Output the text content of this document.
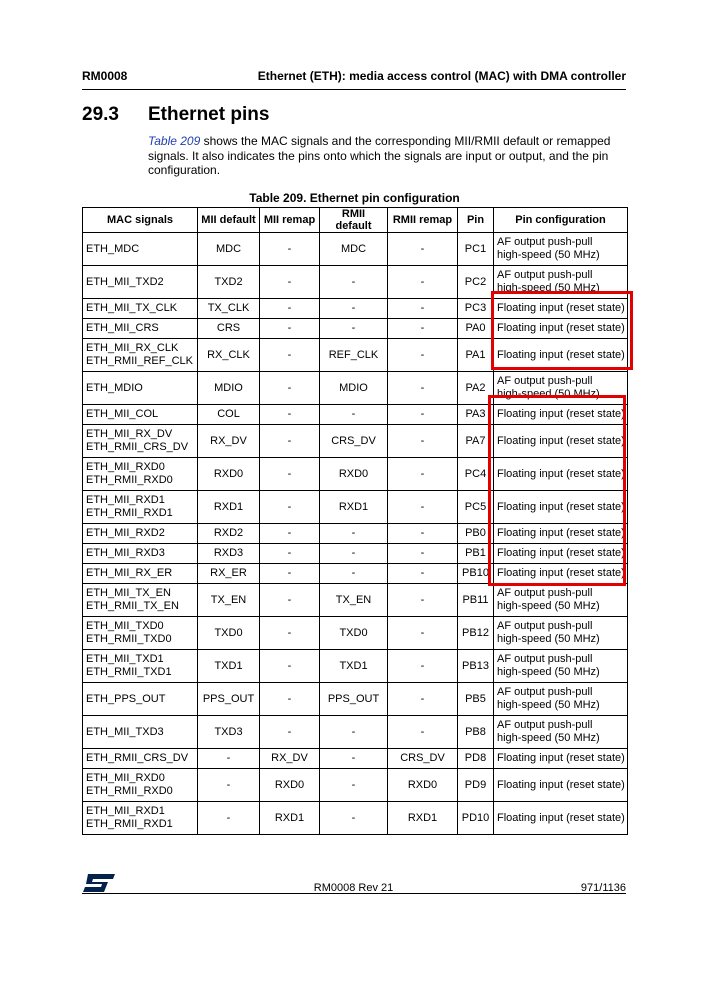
RM0008	Ethernet (ETH): media access control (MAC) with DMA controller
29.3 Ethernet pins

Table 209 shows the MAC signals and the corresponding MII/RMII default or remapped signals. It also indicates the pins onto which the signals are input or output, and the pin configuration.

Table 209. Ethernet pin configuration
MAC signals	MII default	MII remap	RMII default	RMII remap	Pin	Pin configuration

ETH_MDC	MDC	-	MDC	-	PC1	AF output push-pull
high-speed (50 MHz)

ETH_MII_TXD2	TXD2	-	-	-	PC2	AF output push-pull
high-speed (50 MHz)

ETH_MII_TX_CLK	TX_CLK	-	-	-	PC3	Floating input (reset state)

ETH_MII_CRS	CRS	-	-	-	PA0	Floating input (reset state)

ETH_MII_RX_CLK
ETH_RMII_REF_CLK	RX_CLK	-	REF_CLK	-	PA1	Floating input (reset state)

ETH_MDIO	MDIO	-	MDIO	-	PA2	AF output push-pull
high-speed (50 MHz)

ETH_MII_COL	COL	-	-	-	PA3	Floating input (reset state)

ETH_MII_RX_DV
ETH_RMII_CRS_DV	RX_DV	-	CRS_DV	-	PA7	Floating input (reset state)

ETH_MII_RXD0
ETH_RMII_RXD0	RXD0	-	RXD0	-	PC4	Floating input (reset state)

ETH_MII_RXD1
ETH_RMII_RXD1	RXD1	-	RXD1	-	PC5	Floating input (reset state)

ETH_MII_RXD2	RXD2	-	-	-	PB0	Floating input (reset state)

ETH_MII_RXD3	RXD3	-	-	-	PB1	Floating input (reset state)

ETH_MII_RX_ER	RX_ER	-	-	-	PB10	Floating input (reset state)

ETH_MII_TX_EN
ETH_RMII_TX_EN	TX_EN	-	TX_EN	-	PB11	AF output push-pull
high-speed (50 MHz)

ETH_MII_TXD0
ETH_RMII_TXD0	TXD0	-	TXD0	-	PB12	AF output push-pull
high-speed (50 MHz)

ETH_MII_TXD1
ETH_RMII_TXD1	TXD1	-	TXD1	-	PB13	AF output push-pull
high-speed (50 MHz)

ETH_PPS_OUT	PPS_OUT	-	PPS_OUT	-	PB5	AF output push-pull
high-speed (50 MHz)

ETH_MII_TXD3	TXD3	-	-	-	PB8	AF output push-pull
high-speed (50 MHz)

ETH_RMII_CRS_DV	-	RX_DV	-	CRS_DV	PD8	Floating input (reset state)

ETH_MII_RXD0
ETH_RMII_RXD0	-	RXD0	-	RXD0	PD9	Floating input (reset state)

ETH_MII_RXD1
ETH_RMII_RXD1	-	RXD1	-	RXD1	PD10	Floating input (reset state)
RM0008 Rev 21	971/1136
